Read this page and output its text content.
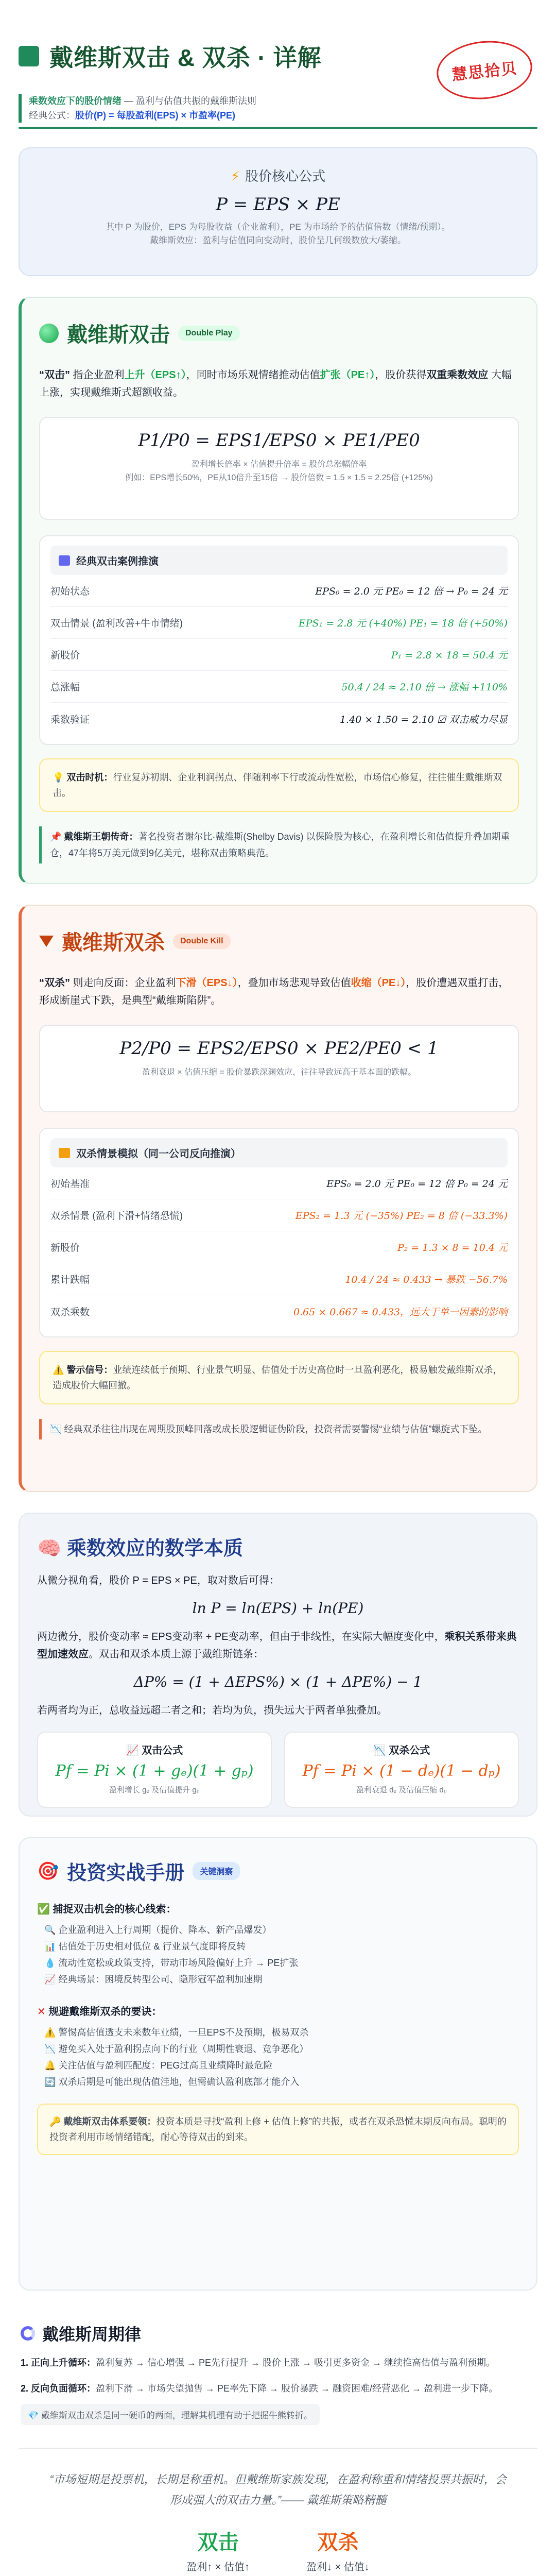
戴维斯双击 & 双杀 · 详解
乘数效应下的股价情绪 — 盈利与估值共振的戴维斯法则
经典公式：股价(P) = 每股盈利(EPS) × 市盈率(PE)
慧思拾贝
⚡ 股价核心公式
P = EPS × PE
其中 P 为股价，EPS 为每股收益（企业盈利），PE 为市场给予的估值倍数（情绪/预期）。
戴维斯效应：盈利与估值同向变动时，股价呈几何级数放大/萎缩。
戴维斯双击	Double Play
“双击” 指企业盈利上升（EPS↑），同时市场乐观情绪推动估值扩张（PE↑），股价获得双重乘数效应 大幅上涨，实现戴维斯式超额收益。
P1/P0 = EPS1/EPS0 × PE1/PE0
盈利增长倍率 × 估值提升倍率 = 股价总涨幅倍率
例如：EPS增长50%，PE从10倍升至15倍 → 股价倍数 = 1.5 × 1.5 = 2.25倍 (+125%)
经典双击案例推演
初始状态	EPS₀ = 2.0 元 PE₀ = 12 倍 → P₀ = 24 元
双击情景 (盈利改善+牛市情绪)	EPS₁ = 2.8 元 (+40%) PE₁ = 18 倍 (+50%)
新股价	P₁ = 2.8 × 18 = 50.4 元
总涨幅	50.4 / 24 ≈ 2.10 倍 → 涨幅 +110%
乘数验证	1.40 × 1.50 = 2.10 ☑ 双击威力尽显
💡 双击时机：行业复苏初期、企业利润拐点、伴随利率下行或流动性宽松，市场信心修复，往往催生戴维斯双击。
📌 戴维斯王朝传奇：著名投资者谢尔比·戴维斯(Shelby Davis) 以保险股为核心，在盈利增长和估值提升叠加期重仓，47年将5万美元做到9亿美元，堪称双击策略典范。
戴维斯双杀	Double Kill
“双杀” 则走向反面：企业盈利下滑（EPS↓），叠加市场悲观导致估值收缩（PE↓），股价遭遇双重打击，形成断崖式下跌，是典型“戴维斯陷阱”。
P2/P0 = EPS2/EPS0 × PE2/PE0 < 1
盈利衰退 × 估值压缩 = 股价暴跌深渊效应，往往导致远高于基本面的跌幅。
双杀情景模拟（同一公司反向推演）
初始基准	EPS₀ = 2.0 元 PE₀ = 12 倍 P₀ = 24 元
双杀情景 (盈利下滑+情绪恐慌)	EPS₂ = 1.3 元 (−35%) PE₂ = 8 倍 (−33.3%)
新股价	P₂ = 1.3 × 8 = 10.4 元
累计跌幅	10.4 / 24 ≈ 0.433 → 暴跌 −56.7%
双杀乘数	0.65 × 0.667 ≈ 0.433，远大于单一因素的影响
⚠️ 警示信号：业绩连续低于预期、行业景气明显、估值处于历史高位时一旦盈利恶化，极易触发戴维斯双杀，造成股价大幅回撤。
📉 经典双杀往往出现在周期股顶峰回落或成长股逻辑证伪阶段，投资者需要警惕“业绩与估值”螺旋式下坠。
🧠 乘数效应的数学本质
从微分视角看，股价 P = EPS × PE，取对数后可得：
ln P = ln(EPS) + ln(PE)
两边微分，股价变动率 ≈ EPS变动率 + PE变动率，但由于非线性，在实际大幅度变化中，乘积关系带来典型加速效应。双击和双杀本质上源于戴维斯链条：
ΔP% = (1 + ΔEPS%) × (1 + ΔPE%) − 1
若两者均为正，总收益远超二者之和；若均为负，损失远大于两者单独叠加。
📈 双击公式
Pf = Pi × (1 + gₑ)(1 + gₚ)
盈利增长 gₑ 及估值提升 gₚ
📉 双杀公式
Pf = Pi × (1 − dₑ)(1 − dₚ)
盈利衰退 dₑ 及估值压缩 dₚ
🎯 投资实战手册	关键洞察
✅ 捕捉双击机会的核心线索：
🔍 企业盈利进入上行周期（提价、降本、新产品爆发）
📊 估值处于历史相对低位 & 行业景气度即将反转
💧 流动性宽松或政策支持，带动市场风险偏好上升 → PE扩张
📈 经典场景：困境反转型公司、隐形冠军盈利加速期
✕ 规避戴维斯双杀的要诀：
⚠️ 警惕高估值透支未来数年业绩，一旦EPS不及预期，极易双杀
📉 避免买入处于盈利拐点向下的行业（周期性衰退、竞争恶化）
🔔 关注估值与盈利匹配度：PEG过高且业绩降时最危险
🔄 双杀后期是可能出现估值洼地，但需确认盈利底部才能介入
🔑 戴维斯双击体系要领：投资本质是寻找“盈利上修 + 估值上修”的共振，或者在双杀恐慌末期反向布局。聪明的投资者利用市场情绪错配，耐心等待双击的到来。
戴维斯周期律
1. 正向上升循环：盈利复苏 → 信心增强 → PE先行提升 → 股价上涨 → 吸引更多资金 → 继续推高估值与盈利预期。
2. 反向负面循环：盈利下滑 → 市场失望抛售 → PE率先下降 → 股价暴跌 → 融资困难/经营恶化 → 盈利进一步下降。
💎 戴维斯双击双杀是同一硬币的两面，理解其机理有助于把握牛熊转折。
“市场短期是投票机，长期是称重机。但戴维斯家族发现，在盈利称重和情绪投票共振时，会形成强大的双击力量。”—— 戴维斯策略精髓
双击
盈利↑ × 估值↑
双杀
盈利↓ × 估值↓
